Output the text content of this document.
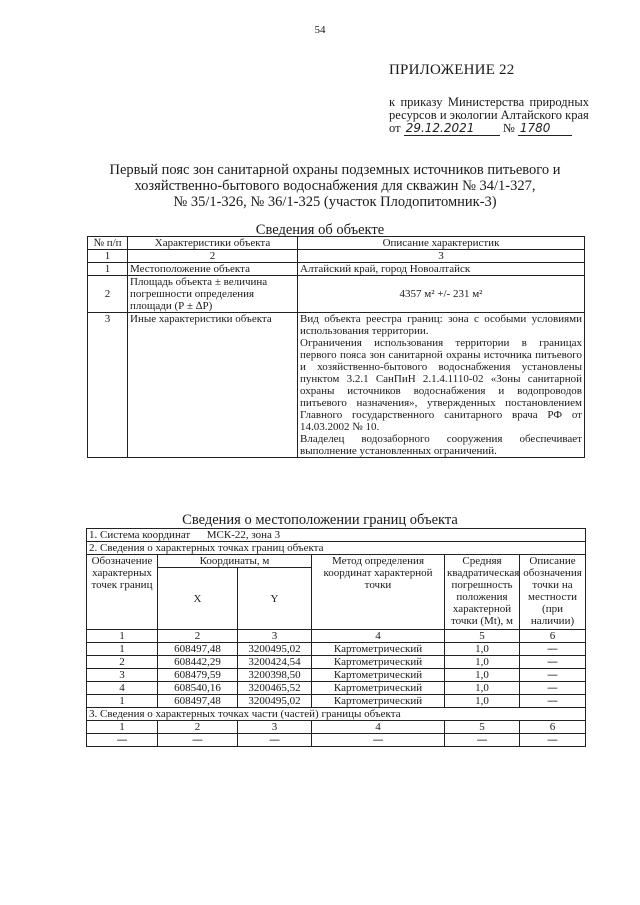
54
ПРИЛОЖЕНИЕ 22
к приказу Министерства природных ресурсов и экологии Алтайского края
от 29.12.2021 № 1780
Первый пояс зон санитарной охраны подземных источников питьевого и
хозяйственно-бытового водоснабжения для скважин № 34/1-327,
№ 35/1-326, № 36/1-325 (участок Плодопитомник-3)
Сведения об объекте
№ п/п	Характеристики объекта	Описание характеристик
1	2	3
1	Местоположение объекта	Алтайский край, город Новоалтайск
2	Площадь объекта ± величина погрешности определения площади (Р ± ∆Р)	4357 м² +/- 231 м²
3	Иные характеристики объекта	Вид объекта реестра границ: зона с особыми условиями использования территории.
Ограничения использования территории в границах первого пояса зон санитарной охраны источника питьевого и хозяйственно-бытового водоснабжения установлены пунктом 3.2.1 СанПиН 2.1.4.1110-02 «Зоны санитарной охраны источников водоснабжения и водопроводов питьевого назначения», утвержденных постановлением Главного государственного санитарного врача РФ от 14.03.2002 № 10.
Владелец водозаборного сооружения обеспечивает выполнение установленных ограничений.
Сведения о местоположении границ объекта
1. Система координат МСК-22, зона 3					
2. Сведения о характерных точках границ объекта					
Обозначение характерных точек границ	Координаты, м		Метод определения координат характерной точки	Средняя квадратическая погрешность положения характерной точки (Mt), м	Описание обозначения точки на местности (при наличии)
	X	Y			
1	2	3	4	5	6
1	608497,48	3200495,02	Картометрический	1,0	—
2	608442,29	3200424,54	Картометрический	1,0	—
3	608479,59	3200398,50	Картометрический	1,0	—
4	608540,16	3200465,52	Картометрический	1,0	—
1	608497,48	3200495,02	Картометрический	1,0	—
3. Сведения о характерных точках части (частей) границы объекта					
1	2	3	4	5	6
—	—	—	—	—	—
